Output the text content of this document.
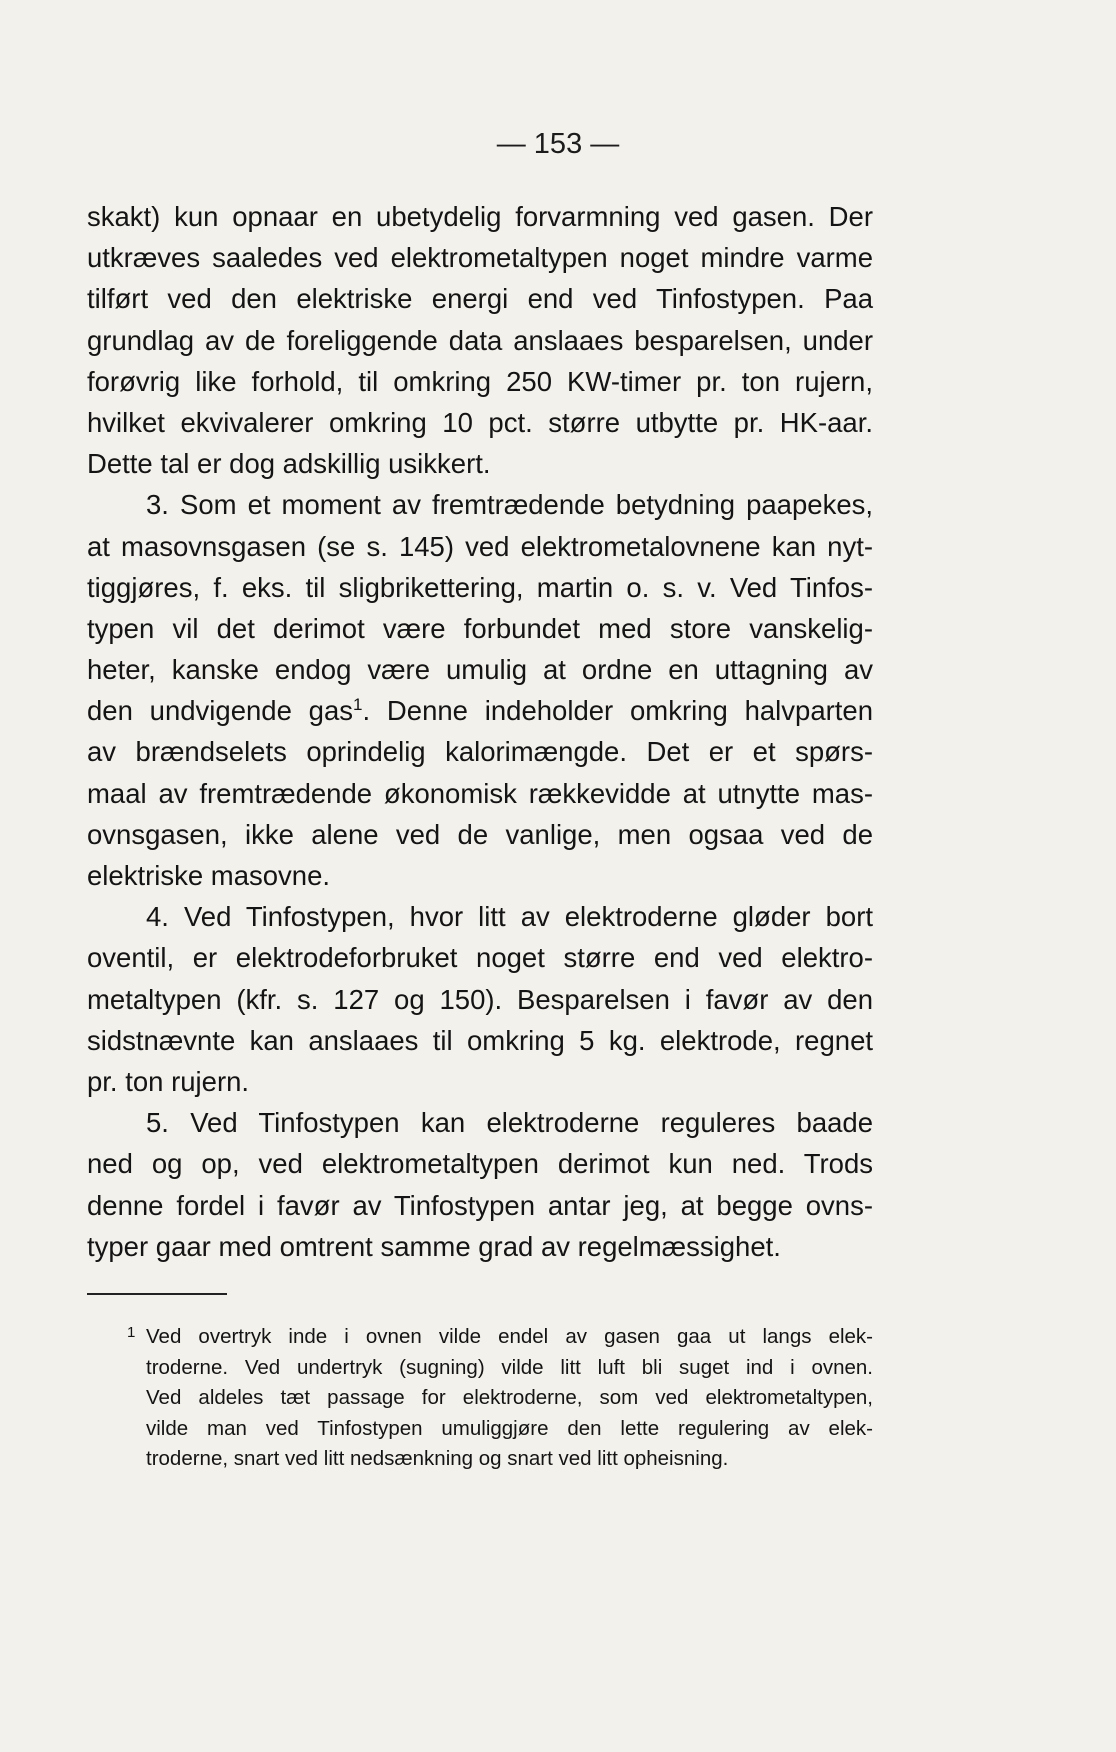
— 153 —
skakt) kun opnaar en ubetydelig forvarmning ved gasen. Der
utkræves saaledes ved elektrometaltypen noget mindre varme
tilført ved den elektriske energi end ved Tinfostypen. Paa
grundlag av de foreliggende data anslaaes besparelsen, under
forøvrig like forhold, til omkring 250 KW-timer pr. ton rujern,
hvilket ekvivalerer omkring 10 pct. større utbytte pr. HK-aar.
Dette tal er dog adskillig usikkert.
3. Som et moment av fremtrædende betydning paapekes,
at masovnsgasen (se s. 145) ved elektrometalovnene kan nyt-
tiggjøres, f. eks. til sligbrikettering, martin o. s. v. Ved Tinfos-
typen vil det derimot være forbundet med store vanskelig-
heter, kanske endog være umulig at ordne en uttagning av
den undvigende gas$^1$. Denne indeholder omkring halvparten
av brændselets oprindelig kalorimængde. Det er et spørs-
maal av fremtrædende økonomisk rækkevidde at utnytte mas-
ovnsgasen, ikke alene ved de vanlige, men ogsaa ved de
elektriske masovne.
4. Ved Tinfostypen, hvor litt av elektroderne gløder bort
oventil, er elektrodeforbruket noget større end ved elektro-
metaltypen (kfr. s. 127 og 150). Besparelsen i favør av den
sidstnævnte kan anslaaes til omkring 5 kg. elektrode, regnet
pr. ton rujern.
5. Ved Tinfostypen kan elektroderne reguleres baade
ned og op, ved elektrometaltypen derimot kun ned. Trods
denne fordel i favør av Tinfostypen antar jeg, at begge ovns-
typer gaar med omtrent samme grad av regelmæssighet.
1 Ved overtryk inde i ovnen vilde endel av gasen gaa ut langs elek-
troderne. Ved undertryk (sugning) vilde litt luft bli suget ind i ovnen.
Ved aldeles tæt passage for elektroderne, som ved elektrometaltypen,
vilde man ved Tinfostypen umuliggjøre den lette regulering av elek-
troderne, snart ved litt nedsænkning og snart ved litt opheisning.
